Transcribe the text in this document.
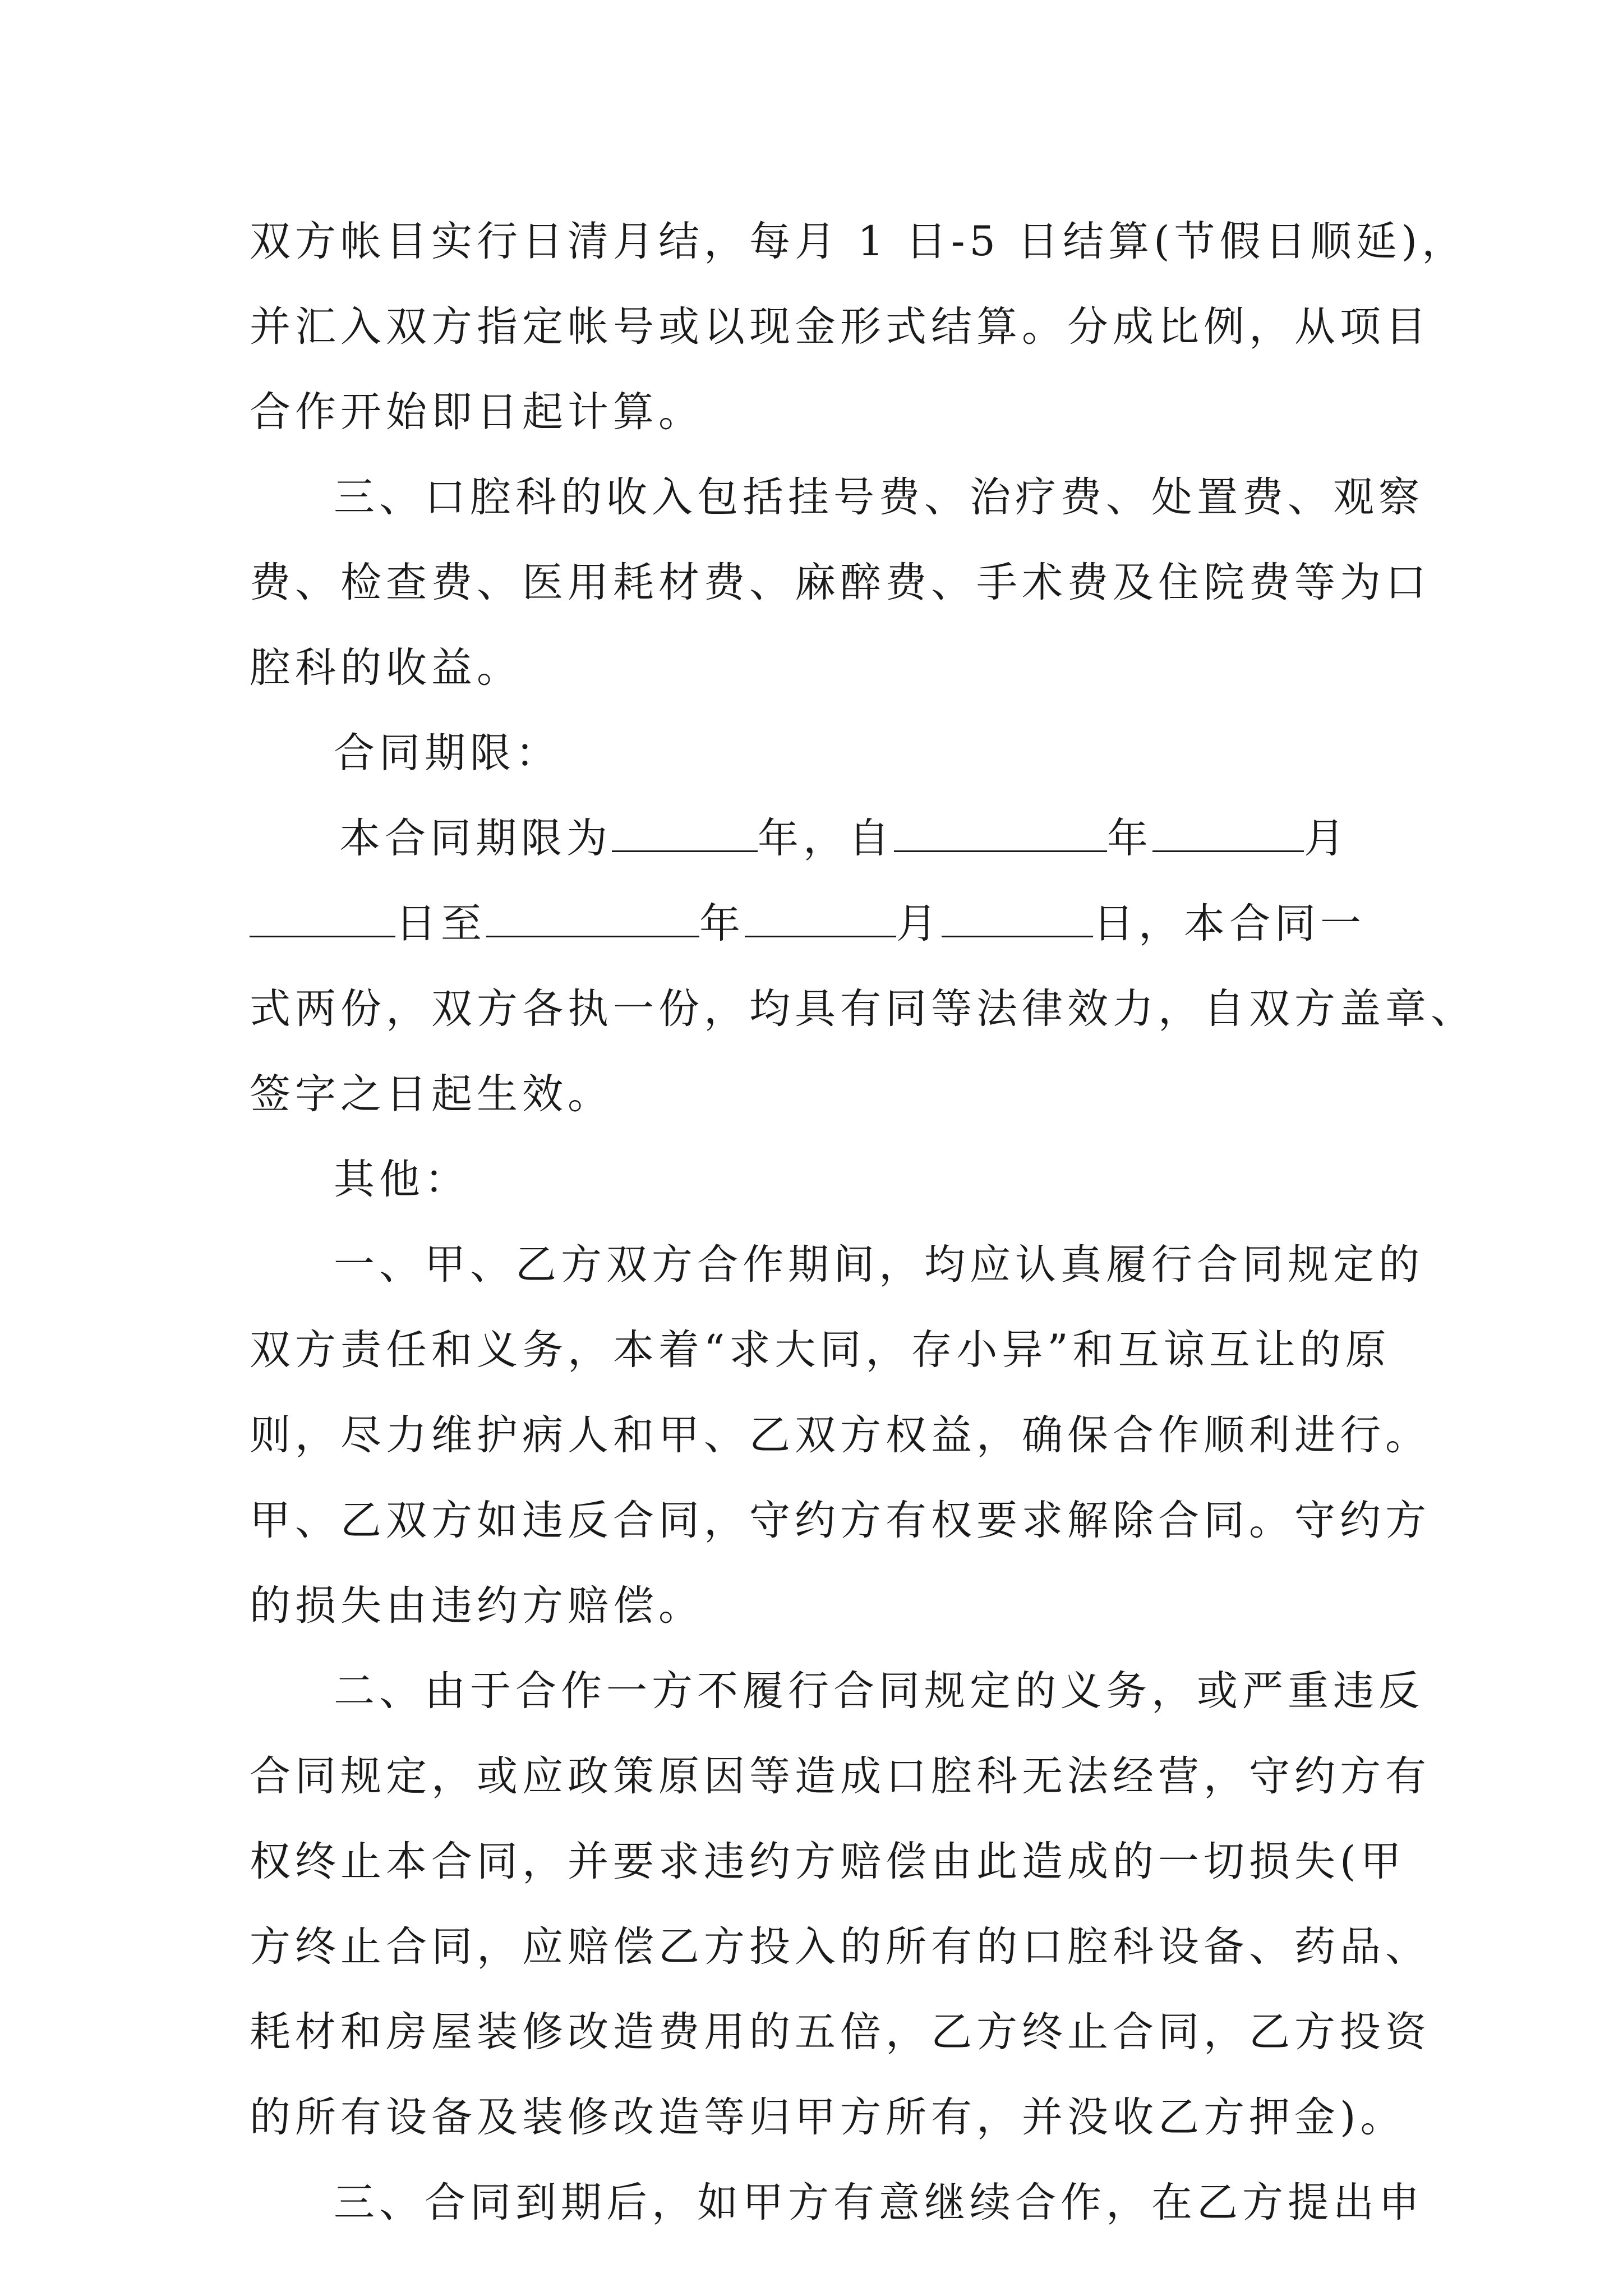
双方帐目实行日清月结，每月 1 日-5 日结算(节假日顺延)，
并汇入双方指定帐号或以现金形式结算。分成比例，从项目
合作开始即日起计算。
三、口腔科的收入包括挂号费、治疗费、处置费、观察
费、检查费、医用耗材费、麻醉费、手术费及住院费等为口
腔科的收益。
合同期限：
本合同期限为	年，自	年	月
日至	年	月	日，本合同一
式两份，双方各执一份，均具有同等法律效力，自双方盖章、
签字之日起生效。
其他：
一、甲、乙方双方合作期间，均应认真履行合同规定的
双方责任和义务，本着“求大同，存小异”和互谅互让的原
则，尽力维护病人和甲、乙双方权益，确保合作顺利进行。
甲、乙双方如违反合同，守约方有权要求解除合同。守约方
的损失由违约方赔偿。
二、由于合作一方不履行合同规定的义务，或严重违反
合同规定，或应政策原因等造成口腔科无法经营，守约方有
权终止本合同，并要求违约方赔偿由此造成的一切损失(甲
方终止合同，应赔偿乙方投入的所有的口腔科设备、药品、
耗材和房屋装修改造费用的五倍，乙方终止合同，乙方投资
的所有设备及装修改造等归甲方所有，并没收乙方押金)。
三、合同到期后，如甲方有意继续合作，在乙方提出申
